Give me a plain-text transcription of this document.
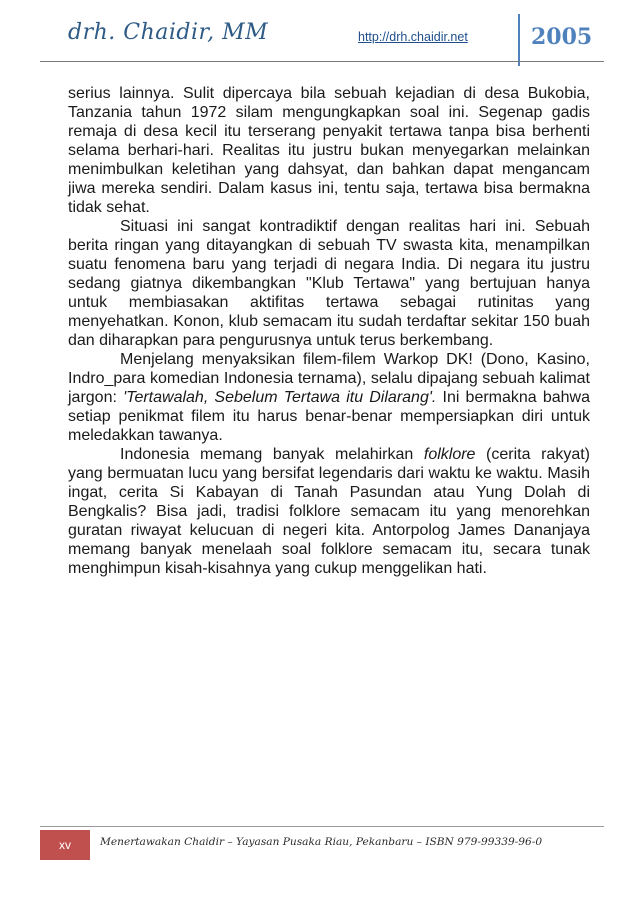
drh. Chaidir, MM	http://drh.chaidir.net	2005

serius lainnya. Sulit dipercaya bila sebuah kejadian di desa Bukobia, Tanzania tahun 1972 silam mengungkapkan soal ini. Segenap gadis remaja di desa kecil itu terserang penyakit tertawa tanpa bisa berhenti selama berhari-hari. Realitas itu justru bukan menyegarkan melainkan menimbulkan keletihan yang dahsyat, dan bahkan dapat mengancam jiwa mereka sendiri. Dalam kasus ini, tentu saja, tertawa bisa bermakna tidak sehat.

Situasi ini sangat kontradiktif dengan realitas hari ini. Sebuah berita ringan yang ditayangkan di sebuah TV swasta kita, menampilkan suatu fenomena baru yang terjadi di negara India. Di negara itu justru sedang giatnya dikembangkan "Klub Tertawa" yang bertujuan hanya untuk membiasakan aktifitas tertawa sebagai rutinitas yang menyehatkan. Konon, klub semacam itu sudah terdaftar sekitar 150 buah dan diharapkan para pengurusnya untuk terus berkembang.

Menjelang menyaksikan filem-filem Warkop DK! (Dono, Kasino, Indro_para komedian Indonesia ternama), selalu dipajang sebuah kalimat jargon: 'Tertawalah, Sebelum Tertawa itu Dilarang'. Ini bermakna bahwa setiap penikmat filem itu harus benar-benar mempersiapkan diri untuk meledakkan tawanya.

Indonesia memang banyak melahirkan folklore (cerita rakyat) yang bermuatan lucu yang bersifat legendaris dari waktu ke waktu. Masih ingat, cerita Si Kabayan di Tanah Pasundan atau Yung Dolah di Bengkalis? Bisa jadi, tradisi folklore semacam itu yang menorehkan guratan riwayat kelucuan di negeri kita. Antorpolog James Dananjaya memang banyak menelaah soal folklore semacam itu, secara tunak menghimpun kisah-kisahnya yang cukup menggelikan hati.

xv	Menertawakan Chaidir – Yayasan Pusaka Riau, Pekanbaru – ISBN 979-99339-96-0
